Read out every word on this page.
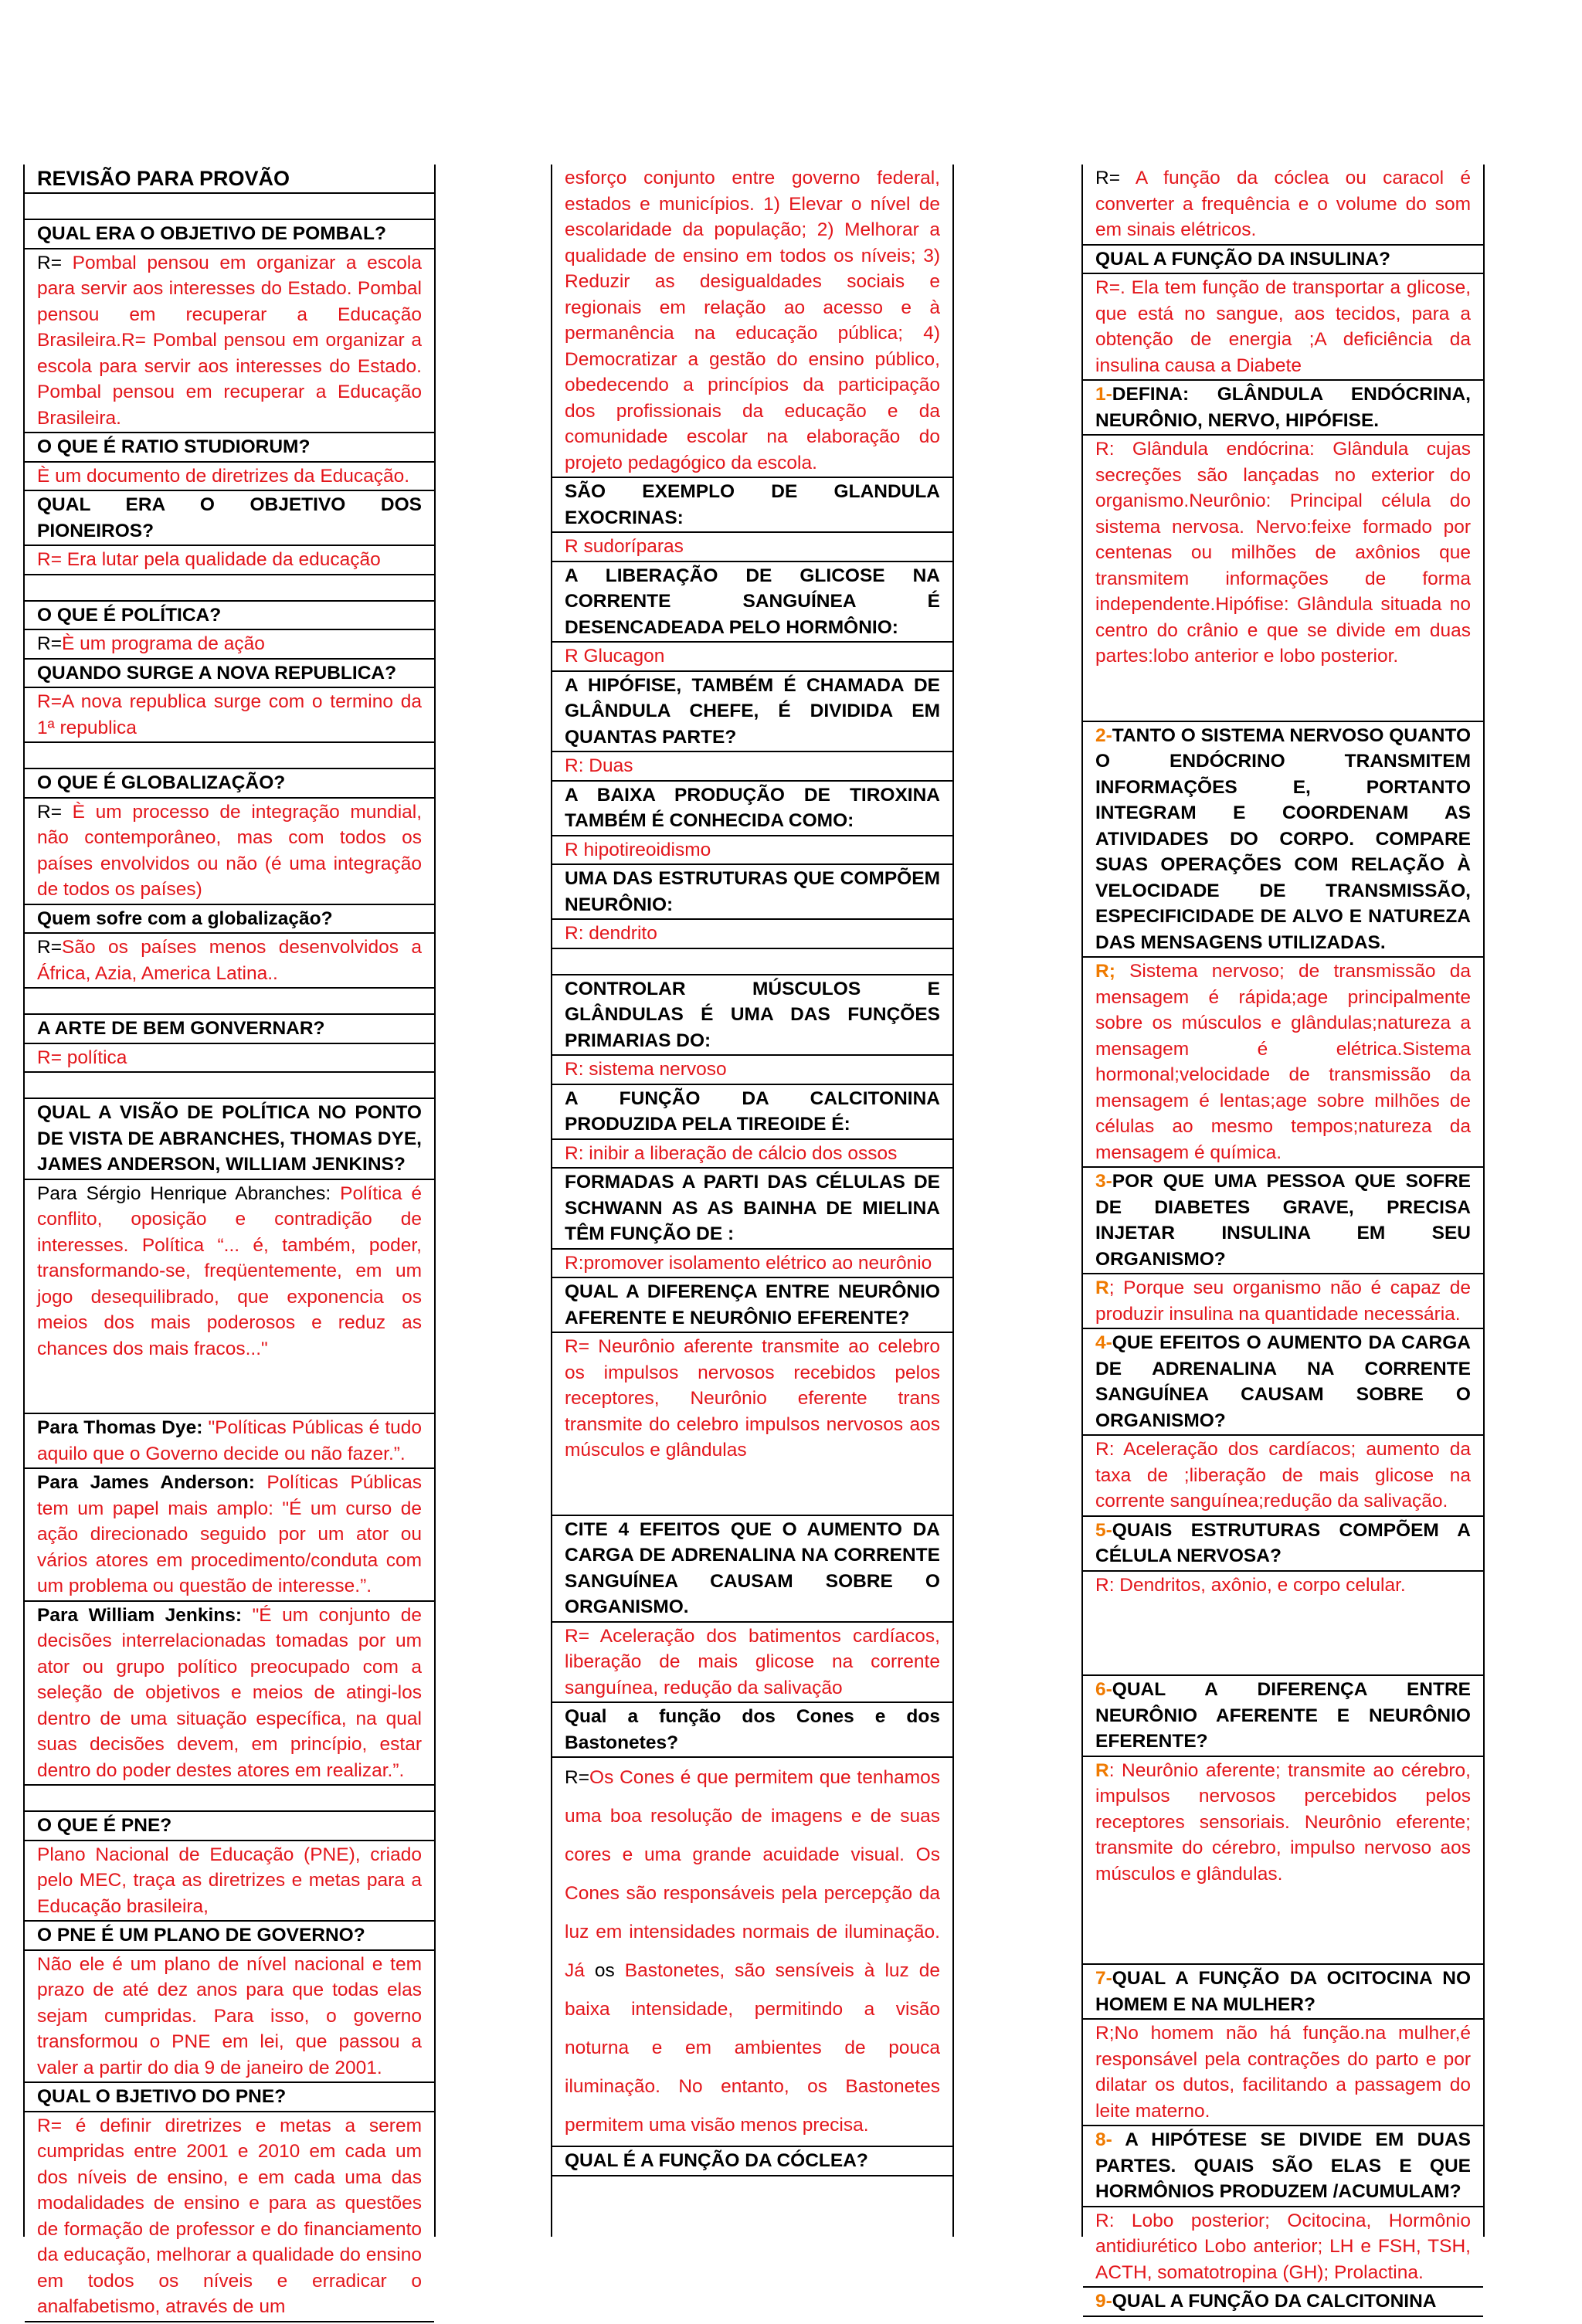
REVISÃO PARA PROVÃO
QUAL ERA O OBJETIVO DE POMBAL?
R= Pombal pensou em organizar a escola para servir aos interesses do Estado. Pombal pensou em recuperar a Educação Brasileira.R= Pombal pensou em organizar a escola para servir aos interesses do Estado. Pombal pensou em recuperar a Educação Brasileira.
O QUE É RATIO STUDIORUM?
È um documento de diretrizes da Educação.
QUAL ERA O OBJETIVO DOS PIONEIROS?
R= Era lutar pela qualidade da educação
O QUE É POLÍTICA?
R=È um programa de ação
QUANDO SURGE A NOVA REPUBLICA?
R=A nova republica surge com o termino da 1ª republica
O QUE É GLOBALIZAÇÃO?
R= È um processo de integração mundial, não contemporâneo, mas com todos os países envolvidos ou não (é uma integração de todos os países)
Quem sofre com a globalização?
R=São os países menos desenvolvidos a África, Azia, America Latina..
A ARTE DE BEM GONVERNAR?
R= política
QUAL A VISÃO DE POLÍTICA NO PONTO DE VISTA DE ABRANCHES, THOMAS DYE, JAMES ANDERSON, WILLIAM JENKINS?
Para Sérgio Henrique Abranches: Política é conflito, oposição e contradição de interesses. Política “... é, também, poder, transformando-se, freqüentemente, em um jogo desequilibrado, que exponencia os meios dos mais poderosos e reduz as chances dos mais fracos..."
Para Thomas Dye: "Políticas Públicas é tudo aquilo que o Governo decide ou não fazer.”.
Para James Anderson: Políticas Públicas tem um papel mais amplo: "É um curso de ação direcionado seguido por um ator ou vários atores em procedimento/conduta com um problema ou questão de interesse.”.
Para William Jenkins: "É um conjunto de decisões interrelacionadas tomadas por um ator ou grupo político preocupado com a seleção de objetivos e meios de atingi-los dentro de uma situação específica, na qual suas decisões devem, em princípio, estar dentro do poder destes atores em realizar.”.
O QUE É PNE?
Plano Nacional de Educação (PNE), criado pelo MEC, traça as diretrizes e metas para a Educação brasileira,
O PNE É UM PLANO DE GOVERNO?
Não ele é um plano de nível nacional e tem prazo de até dez anos para que todas elas sejam cumpridas. Para isso, o governo transformou o PNE em lei, que passou a valer a partir do dia 9 de janeiro de 2001.
QUAL O BJETIVO DO PNE?
R= é definir diretrizes e metas a serem cumpridas entre 2001 e 2010 em cada um dos níveis de ensino, e em cada uma das modalidades de ensino e para as questões de formação de professor e do financiamento da educação, melhorar a qualidade do ensino em todos os níveis e erradicar o analfabetismo, através de um
esforço conjunto entre governo federal, estados e municípios. 1) Elevar o nível de escolaridade da população; 2) Melhorar a qualidade de ensino em todos os níveis; 3) Reduzir as desigualdades sociais e regionais em relação ao acesso e à permanência na educação pública; 4) Democratizar a gestão do ensino público, obedecendo a princípios da participação dos profissionais da educação e da comunidade escolar na elaboração do projeto pedagógico da escola.
SÃO EXEMPLO DE GLANDULA EXOCRINAS:
R sudoríparas
A LIBERAÇÃO DE GLICOSE NA CORRENTE SANGUÍNEA É DESENCADEADA PELO HORMÔNIO:
R Glucagon
A HIPÓFISE, TAMBÉM É CHAMADA DE GLÂNDULA CHEFE, É DIVIDIDA EM QUANTAS PARTE?
R: Duas
A BAIXA PRODUÇÃO DE TIROXINA TAMBÉM É CONHECIDA COMO:
R hipotireoidismo
UMA DAS ESTRUTURAS QUE COMPÕEM NEURÔNIO:
R: dendrito
CONTROLAR MÚSCULOS E GLÂNDULAS É UMA DAS FUNÇÕES PRIMARIAS DO:
R: sistema nervoso
A FUNÇÃO DA CALCITONINA PRODUZIDA PELA TIREOIDE É:
R: inibir a liberação de cálcio dos ossos
FORMADAS A PARTI DAS CÉLULAS DE SCHWANN AS AS BAINHA DE MIELINA TÊM FUNÇÃO DE :
R:promover isolamento elétrico ao neurônio
QUAL A DIFERENÇA ENTRE NEURÔNIO AFERENTE E NEURÔNIO EFERENTE?
R= Neurônio aferente transmite ao celebro os impulsos nervosos recebidos pelos receptores, Neurônio eferente trans transmite do celebro impulsos nervosos aos músculos e glândulas
CITE 4 EFEITOS QUE O AUMENTO DA CARGA DE ADRENALINA NA CORRENTE SANGUÍNEA CAUSAM SOBRE O ORGANISMO.
R= Aceleração dos batimentos cardíacos, liberação de mais glicose na corrente sanguínea, redução da salivação
Qual a função dos Cones e dos Bastonetes?
R=Os Cones é que permitem que tenhamos uma boa resolução de imagens e de suas cores e uma grande acuidade visual. Os Cones são responsáveis pela percepção da luz em intensidades normais de iluminação. Já os Bastonetes, são sensíveis à luz de baixa intensidade, permitindo a visão noturna e em ambientes de pouca iluminação. No entanto, os Bastonetes permitem uma visão menos precisa.
QUAL É A FUNÇÃO DA CÓCLEA?
R= A função da cóclea ou caracol é converter a frequência e o volume do som em sinais elétricos.
QUAL A FUNÇÃO DA INSULINA?
R=. Ela tem função de transportar a glicose, que está no sangue, aos tecidos, para a obtenção de energia ;A deficiência da insulina causa a Diabete
1-DEFINA: GLÂNDULA ENDÓCRINA, NEURÔNIO, NERVO, HIPÓFISE.
R: Glândula endócrina: Glândula cujas secreções são lançadas no exterior do organismo.Neurônio: Principal célula do sistema nervosa. Nervo:feixe formado por centenas ou milhões de axônios que transmitem informações de forma independente.Hipófise: Glândula situada no centro do crânio e que se divide em duas partes:lobo anterior e lobo posterior.
2-TANTO O SISTEMA NERVOSO QUANTO O ENDÓCRINO TRANSMITEM INFORMAÇÕES E, PORTANTO INTEGRAM E COORDENAM AS ATIVIDADES DO CORPO. COMPARE SUAS OPERAÇÕES COM RELAÇÃO À VELOCIDADE DE TRANSMISSÃO, ESPECIFICIDADE DE ALVO E NATUREZA DAS MENSAGENS UTILIZADAS.
R; Sistema nervoso; de transmissão da mensagem é rápida;age principalmente sobre os músculos e glândulas;natureza a mensagem é elétrica.Sistema hormonal;velocidade de transmissão da mensagem é lentas;age sobre milhões de células ao mesmo tempos;natureza da mensagem é química.
3-POR QUE UMA PESSOA QUE SOFRE DE DIABETES GRAVE, PRECISA INJETAR INSULINA EM SEU ORGANISMO?
R; Porque seu organismo não é capaz de produzir insulina na quantidade necessária.
4-QUE EFEITOS O AUMENTO DA CARGA DE ADRENALINA NA CORRENTE SANGUÍNEA CAUSAM SOBRE O ORGANISMO?
R: Aceleração dos cardíacos; aumento da taxa de ;liberação de mais glicose na corrente sanguínea;redução da salivação.
5-QUAIS ESTRUTURAS COMPÕEM A CÉLULA NERVOSA?
R: Dendritos, axônio, e corpo celular.
6-QUAL A DIFERENÇA ENTRE NEURÔNIO AFERENTE E NEURÔNIO EFERENTE?
R: Neurônio aferente; transmite ao cérebro, impulsos nervosos percebidos pelos receptores sensoriais. Neurônio eferente; transmite do cérebro, impulso nervoso aos músculos e glândulas.
7-QUAL A FUNÇÃO DA OCITOCINA NO HOMEM E NA MULHER?
R;No homem não há função.na mulher,é responsável pela contrações do parto e por dilatar os dutos, facilitando a passagem do leite materno.
8- A HIPÓTESE SE DIVIDE EM DUAS PARTES. QUAIS SÃO ELAS E QUE HORMÔNIOS PRODUZEM /ACUMULAM?
R: Lobo posterior; Ocitocina, Hormônio antidiurético Lobo anterior; LH e FSH, TSH, ACTH, somatotropina (GH); Prolactina.
9-QUAL A FUNÇÃO DA CALCITONINA
